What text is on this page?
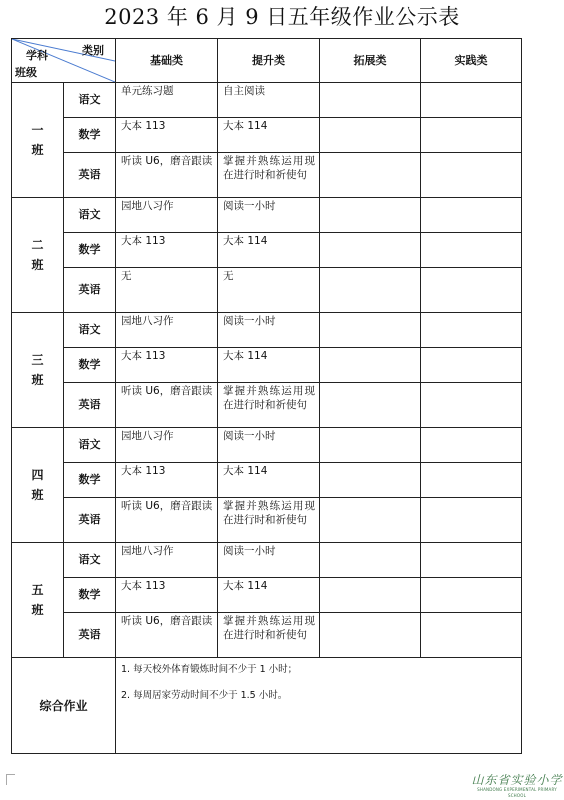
2023 年 6 月 9 日五年级作业公示表
类别
学科
班级		基础类	提升类	拓展类	实践类
一
班	语文	单元练习题	自主阅读		
	数学	大本 113	大本 114		
	英语	听读 U6，磨音跟读	掌握并熟练运用现在进行时和祈使句		
二
班	语文	园地八习作	阅读一小时		
	数学	大本 113	大本 114		
	英语	无	无		
三
班	语文	园地八习作	阅读一小时		
	数学	大本 113	大本 114		
	英语	听读 U6，磨音跟读	掌握并熟练运用现在进行时和祈使句		
四
班	语文	园地八习作	阅读一小时		
	数学	大本 113	大本 114		
	英语	听读 U6，磨音跟读	掌握并熟练运用现在进行时和祈使句		
五
班	语文	园地八习作	阅读一小时		
	数学	大本 113	大本 114		
	英语	听读 U6，磨音跟读	掌握并熟练运用现在进行时和祈使句		
综合作业		1. 每天校外体育锻炼时间不少于 1 小时；

2. 每周居家劳动时间不少于 1.5 小时。			

山东省实验小学
SHANDONG EXPERIMENTAL PRIMARY SCHOOL
